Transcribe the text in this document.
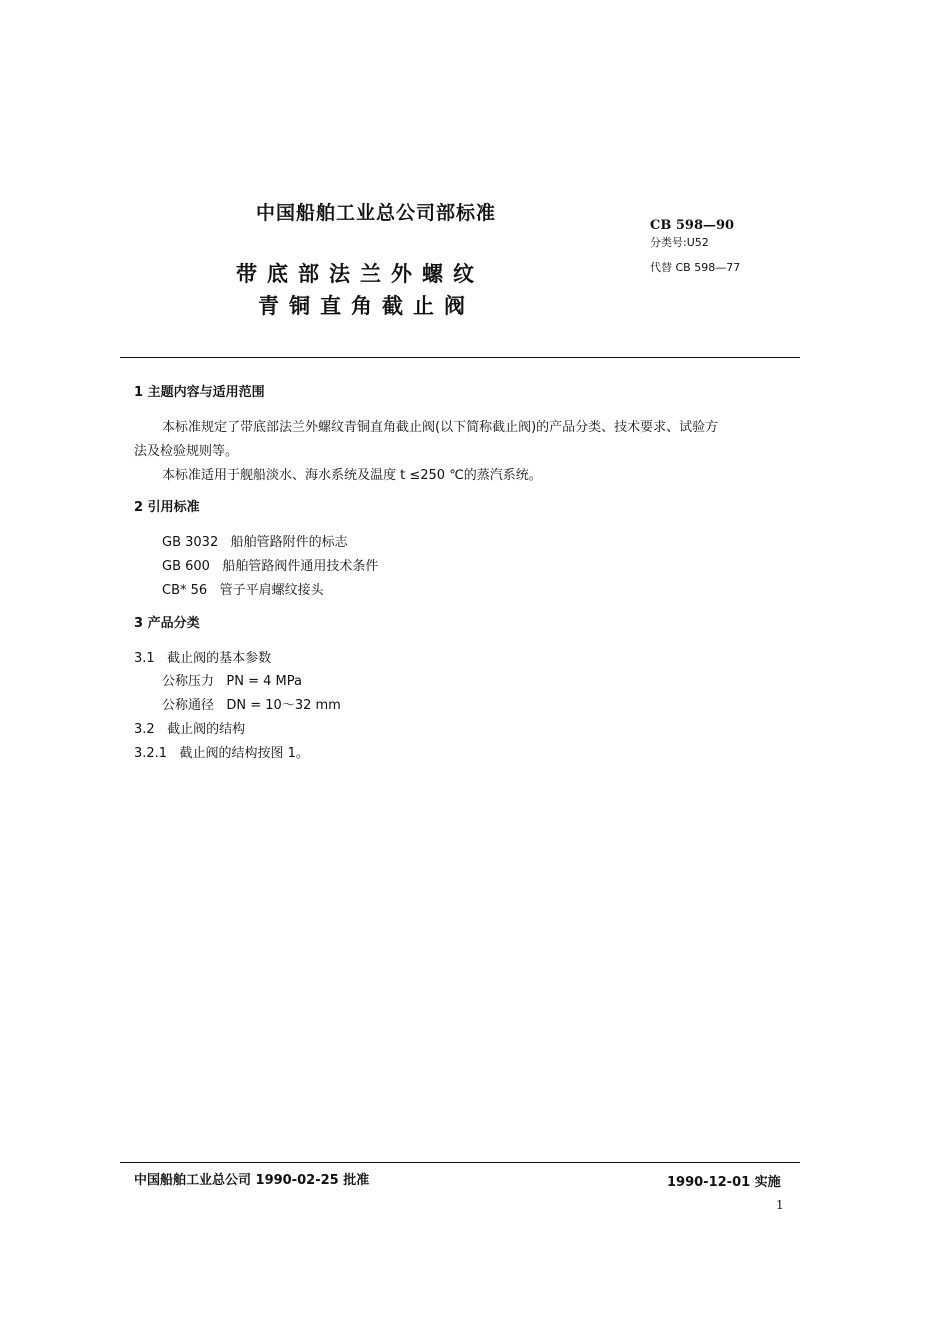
中国船舶工业总公司部标准
CB 598—90
分类号:U52
代替 CB 598—77
带底部法兰外螺纹
青铜直角截止阀
1 主题内容与适用范围
本标准规定了带底部法兰外螺纹青铜直角截止阀(以下简称截止阀)的产品分类、技术要求、试验方
法及检验规则等。
本标准适用于舰船淡水、海水系统及温度 t ≤250 ℃的蒸汽系统。
2 引用标准
GB 3032   船舶管路附件的标志
GB 600   船舶管路阀件通用技术条件
CB* 56   管子平肩螺纹接头
3 产品分类
3.1   截止阀的基本参数
公称压力   PN = 4 MPa
公称通径   DN = 10～32 mm
3.2   截止阀的结构
3.2.1   截止阀的结构按图 1。
中国船舶工业总公司 1990-02-25 批准	1990-12-01 实施
1
